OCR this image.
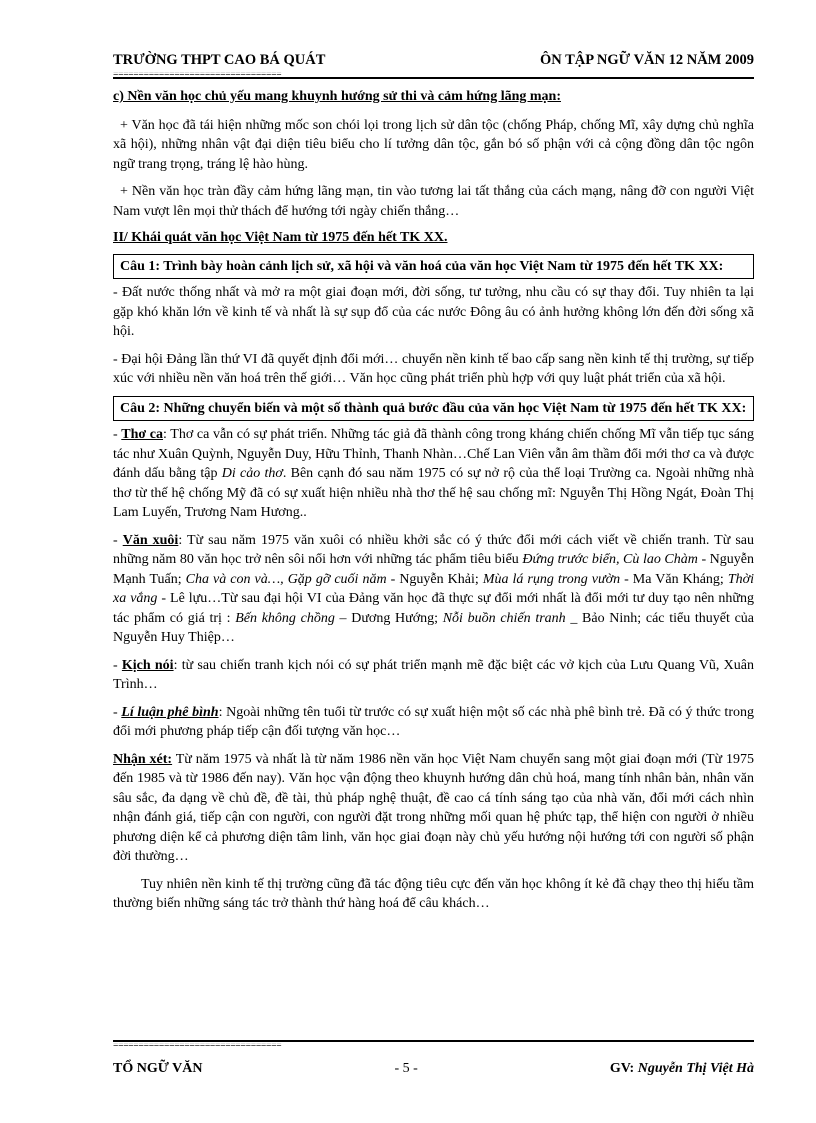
TRƯỜNG THPT CAO BÁ QUÁT	ÔN TẬP NGỮ VĂN 12 NĂM 2009
=================================

c) Nền văn học chủ yếu mang khuynh hướng sử thi và cảm hứng lãng mạn:

+ Văn học đã tái hiện những mốc son chói lọi trong lịch sử dân tộc (chống Pháp, chống Mĩ, xây dựng chủ nghĩa xã hội), những nhân vật đại diện tiêu biểu cho lí tưởng dân tộc, gắn bó số phận với cả cộng đồng dân tộc ngôn ngữ trang trọng, tráng lệ hào hùng.

+ Nền văn học tràn đầy cảm hứng lãng mạn, tin vào tương lai tất thắng của cách mạng, nâng đỡ con người Việt Nam vượt lên mọi thử thách để hướng tới ngày chiến thắng…

II/ Khái quát văn học Việt Nam từ 1975 đến hết TK XX.

Câu 1: Trình bày hoàn cảnh lịch sử, xã hội và văn hoá của văn học Việt Nam từ 1975 đến hết TK XX:

- Đất nước thống nhất và mở ra một giai đoạn mới, đời sống, tư tưởng, nhu cầu có sự thay đổi. Tuy nhiên ta lại gặp khó khăn lớn về kinh tế và nhất là sự sụp đổ của các nước Đông âu có ảnh hưởng không lớn đến đời sống xã hội.

- Đại hội Đảng lần thứ VI đã quyết định đổi mới… chuyển nền kinh tế bao cấp sang nền kinh tế thị trường, sự tiếp xúc với nhiều nền văn hoá trên thế giới… Văn học cũng phát triển phù hợp với quy luật phát triển của xã hội.

Câu 2: Những chuyển biến và một số thành quả bước đầu của văn học Việt Nam từ 1975 đến hết TK XX:

- Thơ ca: Thơ ca vẫn có sự phát triển. Những tác giả đã thành công trong kháng chiến chống Mĩ vẫn tiếp tục sáng tác như Xuân Quỳnh, Nguyễn Duy, Hữu Thỉnh, Thanh Nhàn…Chế Lan Viên vẫn âm thầm đổi mới thơ ca và được đánh dấu bằng tập Di cảo thơ. Bên cạnh đó sau năm 1975 có sự nở rộ của thể loại Trường ca. Ngoài những nhà thơ từ thế hệ chống Mỹ đã có sự xuất hiện nhiều nhà thơ thế hệ sau chống mĩ: Nguyễn Thị Hồng Ngát, Đoàn Thị Lam Luyến, Trương Nam Hương..

- Văn xuôi: Từ sau năm 1975 văn xuôi có nhiều khởi sắc có ý thức đổi mới cách viết về chiến tranh. Từ sau những năm 80 văn học trở nên sôi nổi hơn với những tác phẩm tiêu biểu Đứng trước biển, Cù lao Chàm - Nguyễn Mạnh Tuấn; Cha và con và…, Gặp gỡ cuối năm - Nguyễn Khải; Mùa lá rụng trong vườn - Ma Văn Kháng; Thời xa vắng - Lê lựu…Từ sau đại hội VI của Đảng văn học đã thực sự đổi mới nhất là đổi mới tư duy tạo nên những tác phẩm có giá trị : Bến không chồng – Dương Hướng; Nỗi buồn chiến tranh _ Bảo Ninh; các tiểu thuyết của Nguyễn Huy Thiệp…

- Kịch nói: từ sau chiến tranh kịch nói có sự phát triển mạnh mẽ đặc biệt các vở kịch của Lưu Quang Vũ, Xuân Trình…

- Lí luận phê bình: Ngoài những tên tuổi từ trước có sự xuất hiện một số các nhà phê bình trẻ. Đã có ý thức trong đổi mới phương pháp tiếp cận đối tượng văn học…

Nhận xét: Từ năm 1975 và nhất là từ năm 1986 nền văn học Việt Nam chuyển sang một giai đoạn mới (Từ 1975 đến 1985 và từ 1986 đến nay). Văn học vận động theo khuynh hướng dân chủ hoá, mang tính nhân bản, nhân văn sâu sắc, đa dạng về chủ đề, đề tài, thủ pháp nghệ thuật, đề cao cá tính sáng tạo của nhà văn, đổi mới cách nhìn nhận đánh giá, tiếp cận con người, con người đặt trong những mối quan hệ phức tạp, thể hiện con người ở nhiều phương diện kể cả phương diện tâm linh, văn học giai đoạn này chủ yếu hướng nội hướng tới con người số phận đời thường…

Tuy nhiên nền kinh tế thị trường cũng đã tác động tiêu cực đến văn học không ít kẻ đã chạy theo thị hiếu tầm thường biến những sáng tác trở thành thứ hàng hoá để câu khách…

=================================
TỔ NGỮ VĂN	- 5 -	GV: Nguyễn Thị Việt Hà
